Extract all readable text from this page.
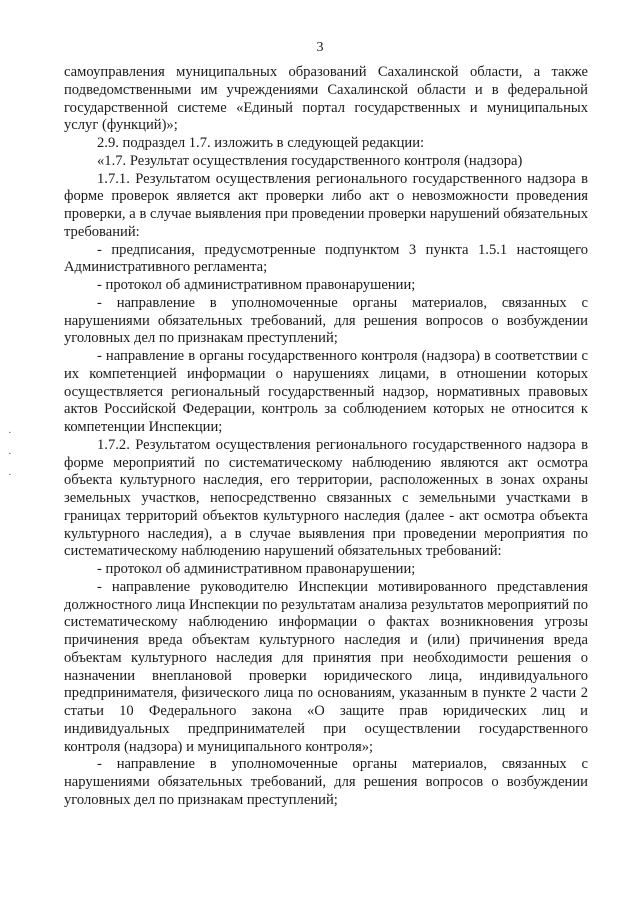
3
·
·
·

самоуправления муниципальных образований Сахалинской области, а также подведомственными им учреждениями Сахалинской области и в федеральной государственной системе «Единый портал государственных и муниципальных услуг (функций)»;

2.9. подраздел 1.7. изложить в следующей редакции:

«1.7. Результат осуществления государственного контроля (надзора)

1.7.1. Результатом осуществления регионального государственного надзора в форме проверок является акт проверки либо акт о невозможности проведения проверки, а в случае выявления при проведении проверки нарушений обязательных требований:

- предписания, предусмотренные подпунктом 3 пункта 1.5.1 настоящего Административного регламента;

- протокол об административном правонарушении;

- направление в уполномоченные органы материалов, связанных с нарушениями обязательных требований, для решения вопросов о возбуждении уголовных дел по признакам преступлений;

- направление в органы государственного контроля (надзора) в соответствии с их компетенцией информации о нарушениях лицами, в отношении которых осуществляется региональный государственный надзор, нормативных правовых актов Российской Федерации, контроль за соблюдением которых не относится к компетенции Инспекции;

1.7.2. Результатом осуществления регионального государственного надзора в форме мероприятий по систематическому наблюдению являются акт осмотра объекта культурного наследия, его территории, расположенных в зонах охраны земельных участков, непосредственно связанных с земельными участками в границах территорий объектов культурного наследия (далее - акт осмотра объекта культурного наследия), а в случае выявления при проведении мероприятия по систематическому наблюдению нарушений обязательных требований:

- протокол об административном правонарушении;

- направление руководителю Инспекции мотивированного представления должностного лица Инспекции по результатам анализа результатов мероприятий по систематическому наблюдению информации о фактах возникновения угрозы причинения вреда объектам культурного наследия и (или) причинения вреда объектам культурного наследия для принятия при необходимости решения о назначении внеплановой проверки юридического лица, индивидуального предпринимателя, физического лица по основаниям, указанным в пункте 2 части 2 статьи 10 Федерального закона «О защите прав юридических лиц и индивидуальных предпринимателей при осуществлении государственного контроля (надзора) и муниципального контроля»;

- направление в уполномоченные органы материалов, связанных с нарушениями обязательных требований, для решения вопросов о возбуждении уголовных дел по признакам преступлений;
